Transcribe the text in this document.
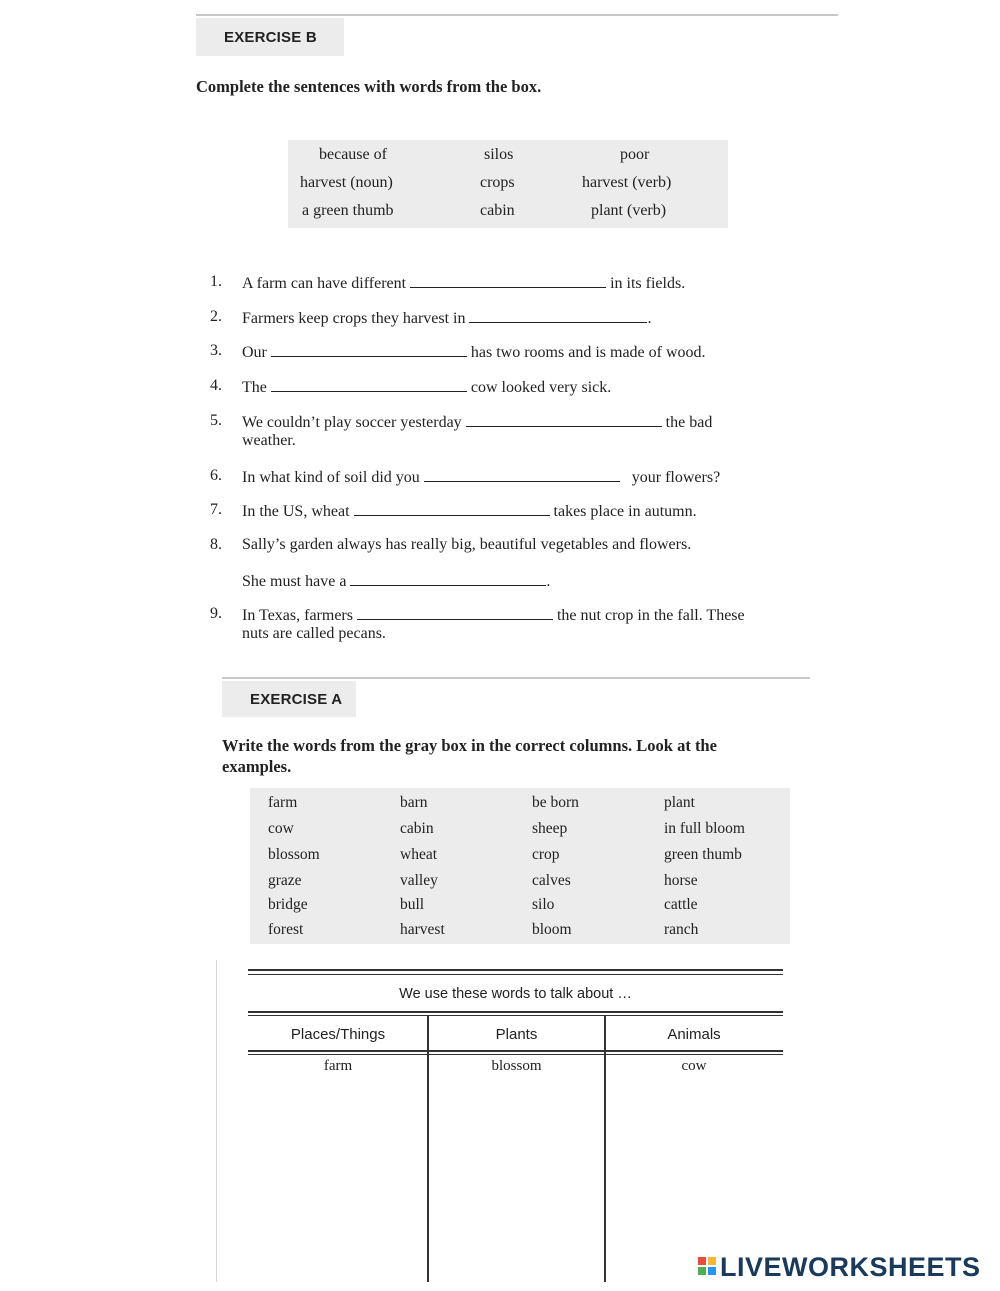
EXERCISE B
Complete the sentences with words from the box.
because of	silos	poor
harvest (noun)	crops	harvest (verb)
a green thumb	cabin	plant (verb)
1.	A farm can have different	in its fields.
2.	Farmers keep crops they harvest in	.
3.	Our	has two rooms and is made of wood.
4.	The	cow looked very sick.
5.	We couldn’t play soccer yesterday	the bad
weather.
6.	In what kind of soil did you	your flowers?
7.	In the US, wheat	takes place in autumn.
8.	Sally’s garden always has really big, beautiful vegetables and flowers.
She must have a	.
9.	In Texas, farmers	the nut crop in the fall. These
nuts are called pecans.
EXERCISE A
Write the words from the gray box in the correct columns. Look at the
examples.
farm	barn	be born	plant
cow	cabin	sheep	in full bloom
blossom	wheat	crop	green thumb
graze	valley	calves	horse
bridge	bull	silo	cattle
forest	harvest	bloom	ranch
We use these words to talk about …
Places/Things	Plants	Animals
farm	blossom	cow
LIVEWORKSHEETS
